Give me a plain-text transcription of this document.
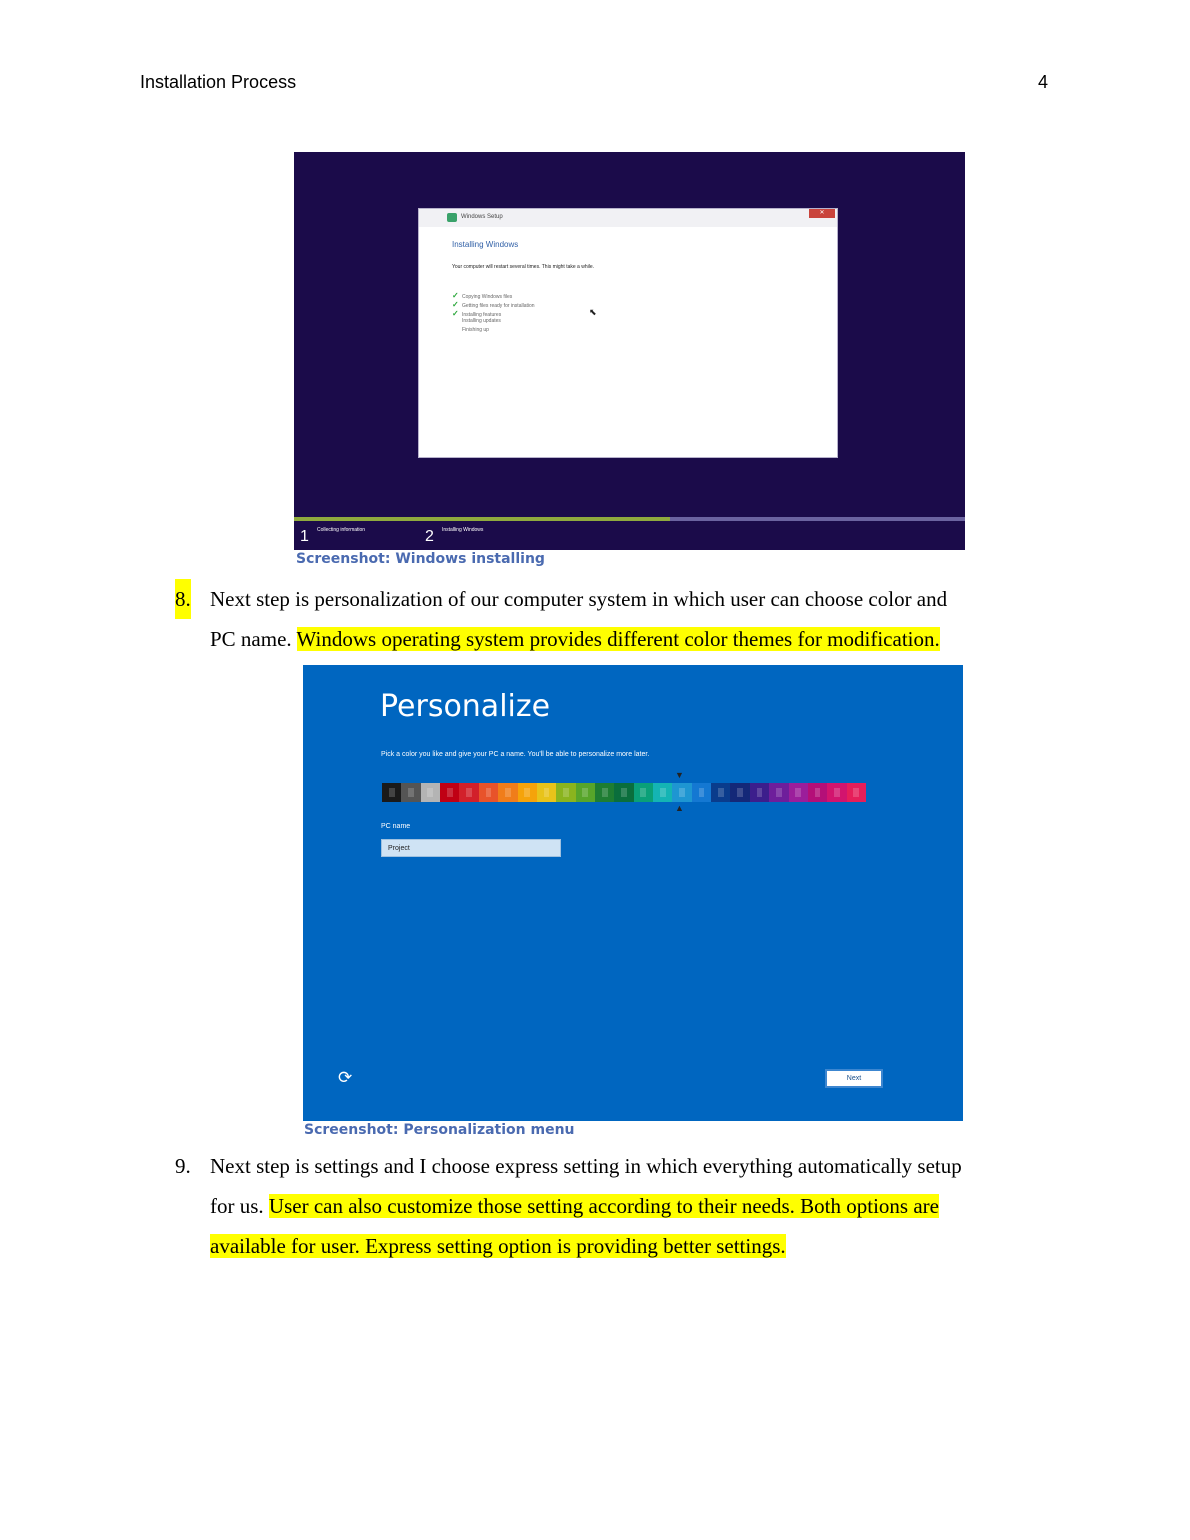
Installation Process	4
Windows Setup
✕
Installing Windows
Your computer will restart several times. This might take a while.
✓ Copying Windows files
✓ Getting files ready for installation
✓ Installing features
Installing updates
Finishing up
⬉
1 Collecting information	2 Installing Windows
Screenshot: Windows installing
8. Next step is personalization of our computer system in which user can choose color and
PC name. Windows operating system provides different color themes for modification.
Personalize
Pick a color you like and give your PC a name. You'll be able to personalize more later.
▼
▲
PC name
Project
⟳	Next
Screenshot: Personalization menu
9. Next step is settings and I choose express setting in which everything automatically setup
for us. User can also customize those setting according to their needs. Both options are
available for user. Express setting option is providing better settings.
